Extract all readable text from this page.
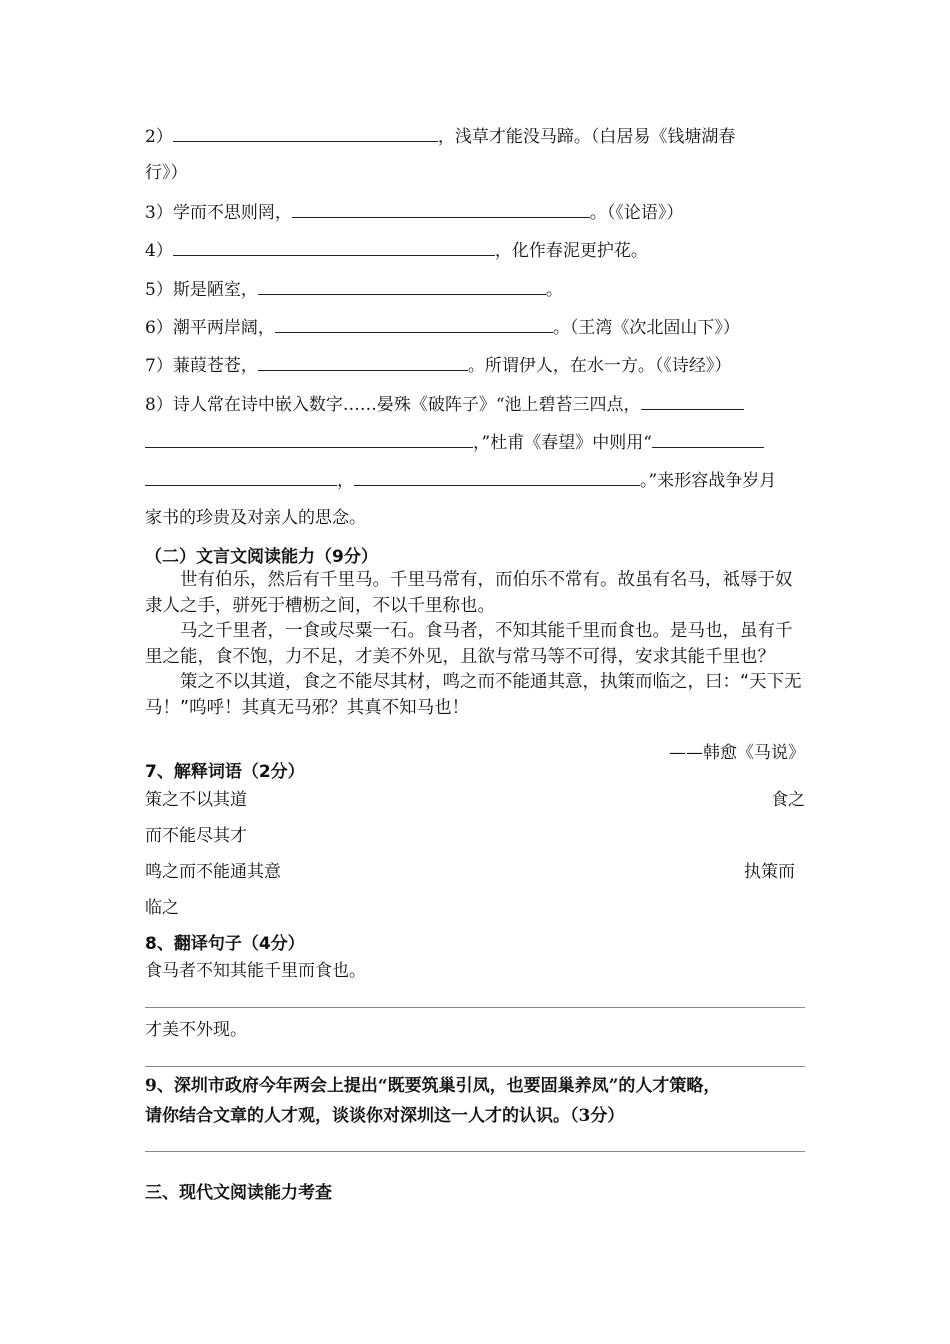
2）	，浅草才能没马蹄。（白居易《钱塘湖春
行》）
3）学而不思则罔，	。（《论语》）
4）	，化作春泥更护花。
5）斯是陋室，	。
6）潮平两岸阔，	。（王湾《次北固山下》）
7）蒹葭苍苍，	。所谓伊人，在水一方。（《诗经》）
8）诗人常在诗中嵌入数字……晏殊《破阵子》“池上碧苔三四点，
，”杜甫《春望》中则用“
，	。”来形容战争岁月
家书的珍贵及对亲人的思念。
（二）文言文阅读能力（9分）

世有伯乐，然后有千里马。千里马常有，而伯乐不常有。故虽有名马，祗辱于奴隶人之手，骈死于槽枥之间，不以千里称也。

马之千里者，一食或尽粟一石。食马者，不知其能千里而食也。是马也，虽有千里之能，食不饱，力不足，才美不外见，且欲与常马等不可得，安求其能千里也？

策之不以其道，食之不能尽其材，鸣之而不能通其意，执策而临之，曰：“天下无马！”呜呼！其真无马邪？其真不知马也！

——韩愈《马说》
7、解释词语（2分）
策之不以其道	食之
而不能尽其才
鸣之而不能通其意	执策而
临之
8、翻译句子（4分）
食马者不知其能千里而食也。
才美不外现。
9、深圳市政府今年两会上提出“既要筑巢引凤，也要固巢养凤”的人才策略，
请你结合文章的人才观，谈谈你对深圳这一人才的认识。（3分）
三、现代文阅读能力考查
